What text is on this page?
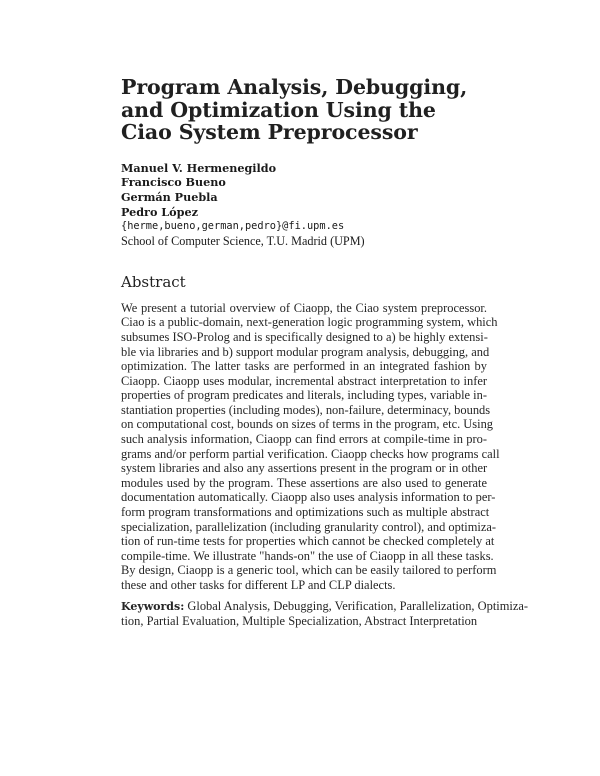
Program Analysis, Debugging,
and Optimization Using the
Ciao System Preprocessor
Manuel V. Hermenegildo
Francisco Bueno
Germán Puebla
Pedro López
{herme,bueno,german,pedro}@fi.upm.es
School of Computer Science, T.U. Madrid (UPM)
Abstract
We present a tutorial overview of Ciaopp, the Ciao system preprocessor.
Ciao is a public-domain, next-generation logic programming system, which
subsumes ISO-Prolog and is specifically designed to a) be highly extensi-
ble via libraries and b) support modular program analysis, debugging, and
optimization. The latter tasks are performed in an integrated fashion by
Ciaopp. Ciaopp uses modular, incremental abstract interpretation to infer
properties of program predicates and literals, including types, variable in-
stantiation properties (including modes), non-failure, determinacy, bounds
on computational cost, bounds on sizes of terms in the program, etc. Using
such analysis information, Ciaopp can find errors at compile-time in pro-
grams and/or perform partial verification. Ciaopp checks how programs call
system libraries and also any assertions present in the program or in other
modules used by the program. These assertions are also used to generate
documentation automatically. Ciaopp also uses analysis information to per-
form program transformations and optimizations such as multiple abstract
specialization, parallelization (including granularity control), and optimiza-
tion of run-time tests for properties which cannot be checked completely at
compile-time. We illustrate "hands-on" the use of Ciaopp in all these tasks.
By design, Ciaopp is a generic tool, which can be easily tailored to perform
these and other tasks for different LP and CLP dialects.
Keywords: Global Analysis, Debugging, Verification, Parallelization, Optimiza-
tion, Partial Evaluation, Multiple Specialization, Abstract Interpretation
